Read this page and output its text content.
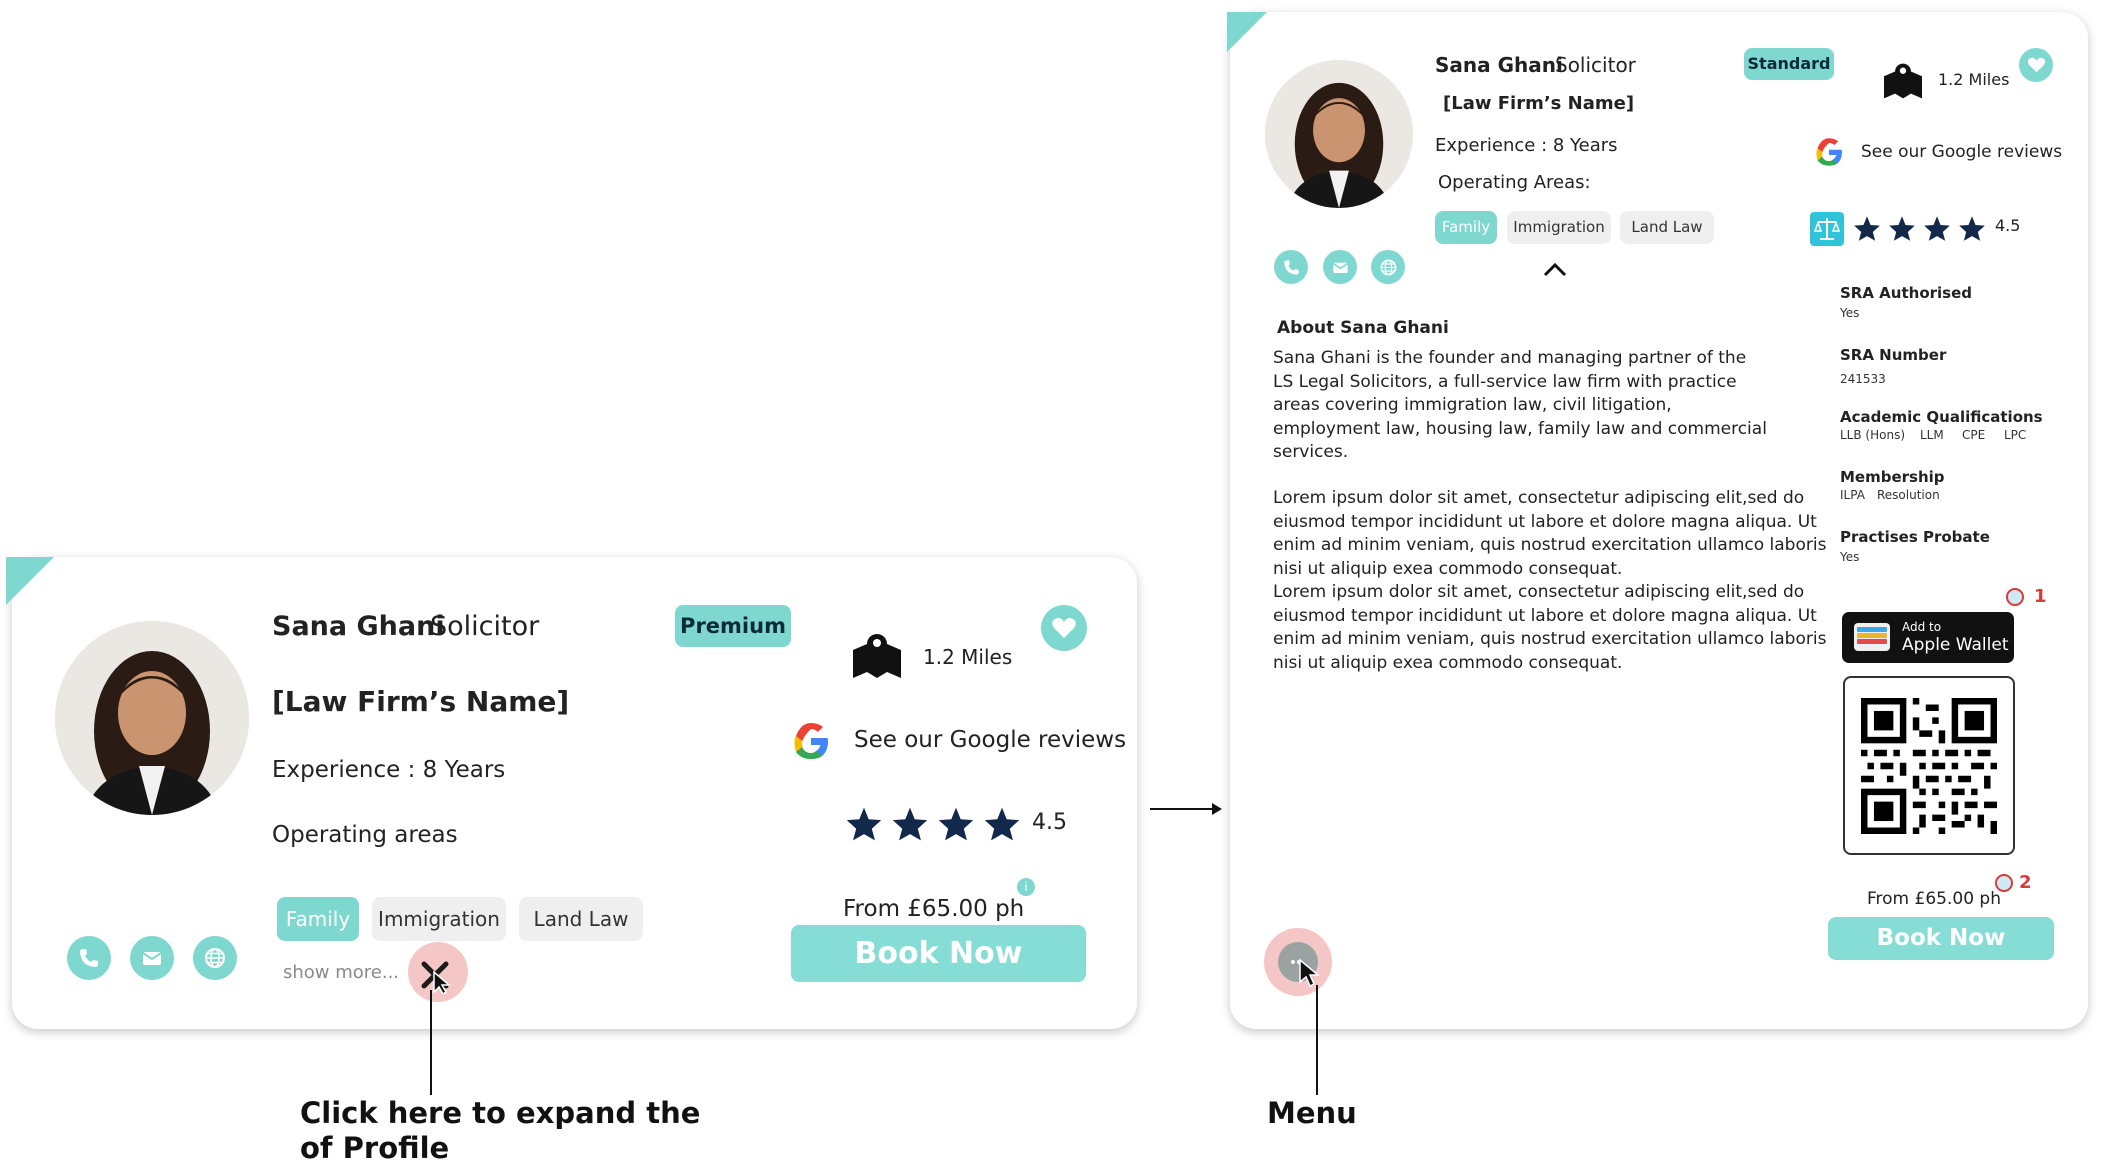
Sana Ghani
Solicitor	Premium
[Law Firm’s Name]
Experience : 8 Years
Operating areas
Family	Immigration	Land Law
show more...
1.2 Miles
See our Google reviews
4.5
i
From £65.00 ph
Book Now
Click here to expand the
of Profile
Sana Ghani
Solicitor	Standard
[Law Firm’s Name]
Experience : 8 Years
Operating Areas:
Family	Immigration	Land Law
1.2 Miles
See our Google reviews
4.5
About Sana Ghani
Sana Ghani is the founder and managing partner of the
LS Legal Solicitors, a full-service law firm with practice
areas covering immigration law, civil litigation,
employment law, housing law, family law and commercial
services.
Lorem ipsum dolor sit amet, consectetur adipiscing elit,sed do
eiusmod tempor incididunt ut labore et dolore magna aliqua. Ut
enim ad minim veniam, quis nostrud exercitation ullamco laboris
nisi ut aliquip exea commodo consequat.
Lorem ipsum dolor sit amet, consectetur adipiscing elit,sed do
eiusmod tempor incididunt ut labore et dolore magna aliqua. Ut
enim ad minim veniam, quis nostrud exercitation ullamco laboris
nisi ut aliquip exea commodo consequat.
SRA Authorised
Yes
SRA Number
241533
Academic Qualifications
LLB (Hons) LLM CPE LPC
Membership
ILPA Resolution
Practises Probate
Yes
1
Add to
Apple Wallet
2
From £65.00 ph
Book Now
Menu
